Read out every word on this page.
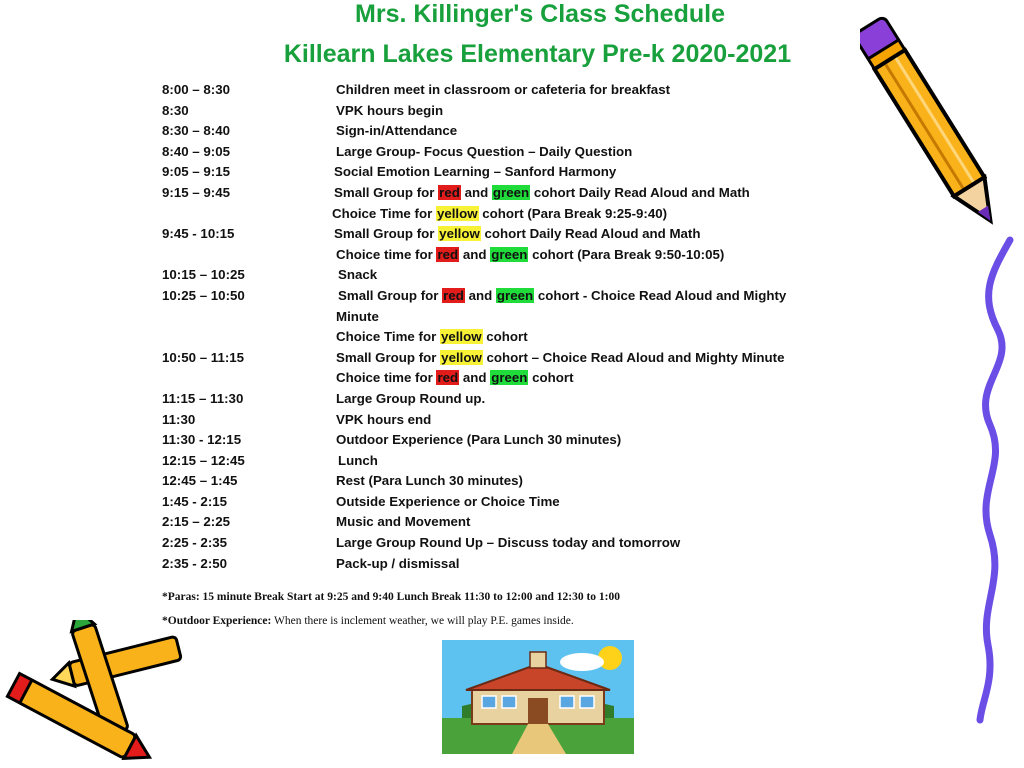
Mrs. Killinger's Class Schedule
Killearn Lakes Elementary Pre-k 2020-2021
8:00 – 8:30	Children meet in classroom or cafeteria for breakfast
8:30	VPK hours begin
8:30 – 8:40	Sign-in/Attendance
8:40 – 9:05	Large Group- Focus Question – Daily Question
9:05 – 9:15	Social Emotion Learning – Sanford Harmony
9:15 – 9:45	Small Group for red and green cohort Daily Read Aloud and Math
Choice Time for yellow cohort (Para Break 9:25-9:40)
9:45 - 10:15	Small Group for yellow cohort Daily Read Aloud and Math
Choice time for red and green cohort (Para Break 9:50-10:05)
10:15 – 10:25	Snack
10:25 – 10:50	Small Group for red and green cohort - Choice Read Aloud and Mighty
Minute
Choice Time for yellow cohort
10:50 – 11:15	Small Group for yellow cohort – Choice Read Aloud and Mighty Minute
Choice time for red and green cohort
11:15 – 11:30	Large Group Round up.
11:30	VPK hours end
11:30 - 12:15	Outdoor Experience (Para Lunch 30 minutes)
12:15 – 12:45	Lunch
12:45 – 1:45	Rest (Para Lunch 30 minutes)
1:45 - 2:15	Outside Experience or Choice Time
2:15 – 2:25	Music and Movement
2:25 - 2:35	Large Group Round Up – Discuss today and tomorrow
2:35 - 2:50	Pack-up / dismissal
*Paras: 15 minute Break Start at 9:25 and 9:40 Lunch Break 11:30 to 12:00 and 12:30 to 1:00
*Outdoor Experience: When there is inclement weather, we will play P.E. games inside.
